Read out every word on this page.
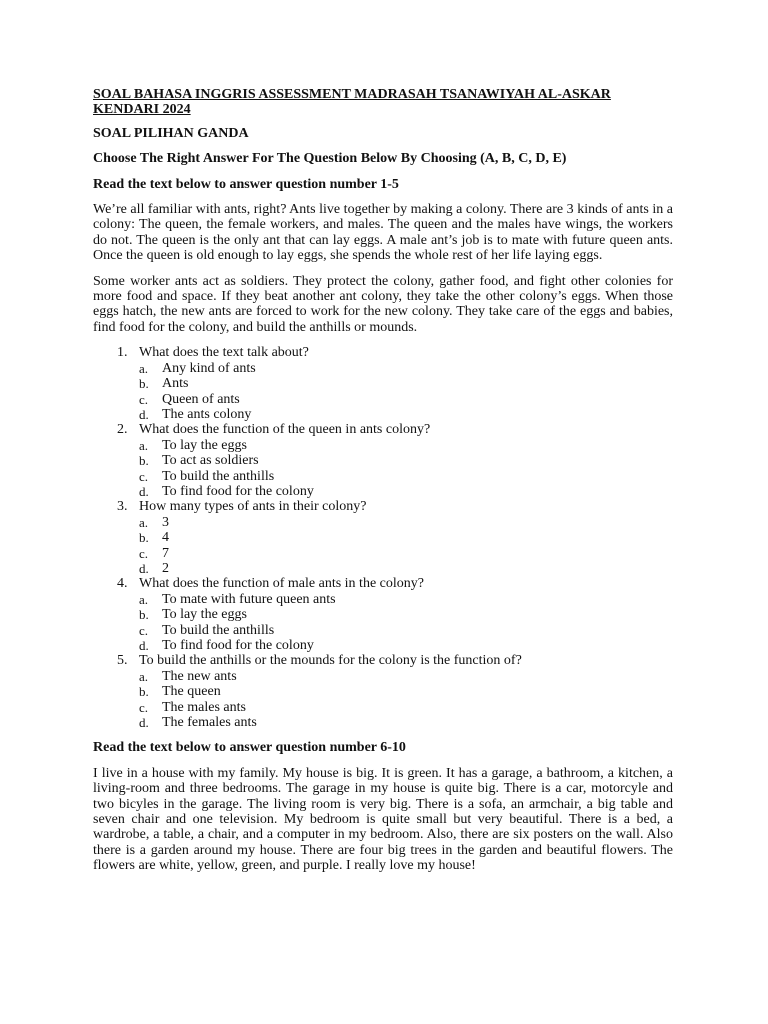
SOAL BAHASA INGGRIS ASSESSMENT MADRASAH TSANAWIYAH AL-ASKAR
KENDARI 2024
SOAL PILIHAN GANDA
Choose The Right Answer For The Question Below By Choosing (A, B, C, D, E)
Read the text below to answer question number 1-5

We’re all familiar with ants, right? Ants live together by making a colony. There are 3 kinds of ants in a colony: The queen, the female workers, and males. The queen and the males have wings, the workers do not. The queen is the only ant that can lay eggs. A male ant’s job is to mate with future queen ants. Once the queen is old enough to lay eggs, she spends the whole rest of her life laying eggs.

Some worker ants act as soldiers. They protect the colony, gather food, and fight other colonies for more food and space. If they beat another ant colony, they take the other colony’s eggs. When those eggs hatch, the new ants are forced to work for the new colony. They take care of the eggs and babies, find food for the colony, and build the anthills or mounds.

1. What does the text talk about?
a. Any kind of ants
b. Ants
c. Queen of ants
d. The ants colony
2. What does the function of the queen in ants colony?
a. To lay the eggs
b. To act as soldiers
c. To build the anthills
d. To find food for the colony
3. How many types of ants in their colony?
a. 3
b. 4
c. 7
d. 2
4. What does the function of male ants in the colony?
a. To mate with future queen ants
b. To lay the eggs
c. To build the anthills
d. To find food for the colony
5. To build the anthills or the mounds for the colony is the function of?
a. The new ants
b. The queen
c. The males ants
d. The females ants
Read the text below to answer question number 6-10

I live in a house with my family. My house is big. It is green. It has a garage, a bathroom, a kitchen, a living-room and three bedrooms. The garage in my house is quite big. There is a car, motorcyle and two bicyles in the garage. The living room is very big. There is a sofa, an armchair, a big table and seven chair and one television. My bedroom is quite small but very beautiful. There is a bed, a wardrobe, a table, a chair, and a computer in my bedroom. Also, there are six posters on the wall. Also there is a garden around my house. There are four big trees in the garden and beautiful flowers. The flowers are white, yellow, green, and purple. I really love my house!
